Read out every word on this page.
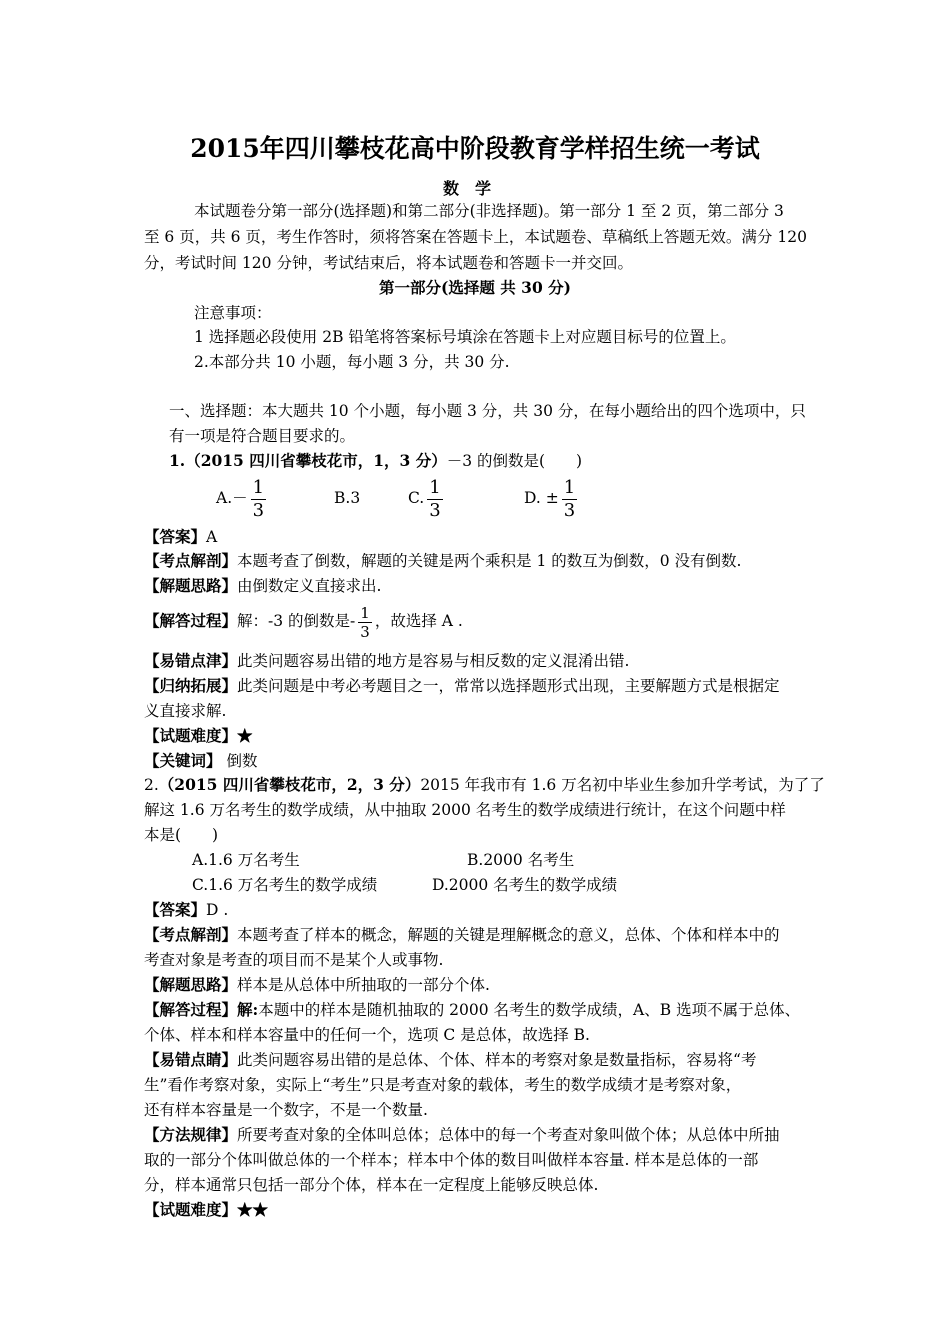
2015年四川攀枝花高中阶段教育学样招生统一考试
数学
本试题卷分第一部分(选择题)和第二部分(非选择题)。第一部分 1 至 2 页，第二部分 3
至 6 页，共 6 页，考生作答时，须将答案在答题卡上，本试题卷、草稿纸上答题无效。满分 120
分，考试时间 120 分钟，考试结束后，将本试题卷和答题卡一并交回。
第一部分(选择题 共 30 分)
注意事项：
1 选择题必段使用 2B 铅笔将答案标号填涂在答题卡上对应题目标号的位置上。
2.本部分共 10 小题，每小题 3 分，共 30 分.
一、选择题：本大题共 10 个小题，每小题 3 分，共 30 分，在每小题给出的四个选项中，只
有一项是符合题目要求的。
1.（2015 四川省攀枝花市，1，3 分）－3 的倒数是(　　)
$A.- \frac{1}{3}$	B.3	C. $\frac{1}{3}$	D. ± $\frac{1}{3}$
【答案】A
【考点解剖】本题考查了倒数，解题的关键是两个乘积是 1 的数互为倒数，0 没有倒数.
【解题思路】由倒数定义直接求出.
【解答过程】解：-3 的倒数是- $\frac{1}{3}$ ，故选择 A .
【易错点津】此类问题容易出错的地方是容易与相反数的定义混淆出错.
【归纳拓展】此类问题是中考必考题目之一，常常以选择题形式出现，主要解题方式是根据定
义直接求解.
【试题难度】★
【关键词】 倒数
2.（2015 四川省攀枝花市，2，3 分）2015 年我市有 1.6 万名初中毕业生参加升学考试，为了了
解这 1.6 万名考生的数学成绩，从中抽取 2000 名考生的数学成绩进行统计，在这个问题中样
本是(　　)
A.1.6 万名考生	B.2000 名考生
C.1.6 万名考生的数学成绩	D.2000 名考生的数学成绩
【答案】D .
【考点解剖】本题考查了样本的概念，解题的关键是理解概念的意义，总体、个体和样本中的
考查对象是考查的项目而不是某个人或事物.
【解题思路】样本是从总体中所抽取的一部分个体.
【解答过程】解:本题中的样本是随机抽取的 2000 名考生的数学成绩，A、B 选项不属于总体、
个体、样本和样本容量中的任何一个，选项 C 是总体，故选择 B.
【易错点睛】此类问题容易出错的是总体、个体、样本的考察对象是数量指标，容易将“考
生”看作考察对象，实际上“考生”只是考查对象的载体，考生的数学成绩才是考察对象，
还有样本容量是一个数字，不是一个数量.
【方法规律】所要考查对象的全体叫总体；总体中的每一个考查对象叫做个体；从总体中所抽
取的一部分个体叫做总体的一个样本；样本中个体的数目叫做样本容量. 样本是总体的一部
分，样本通常只包括一部分个体，样本在一定程度上能够反映总体.
【试题难度】★★
